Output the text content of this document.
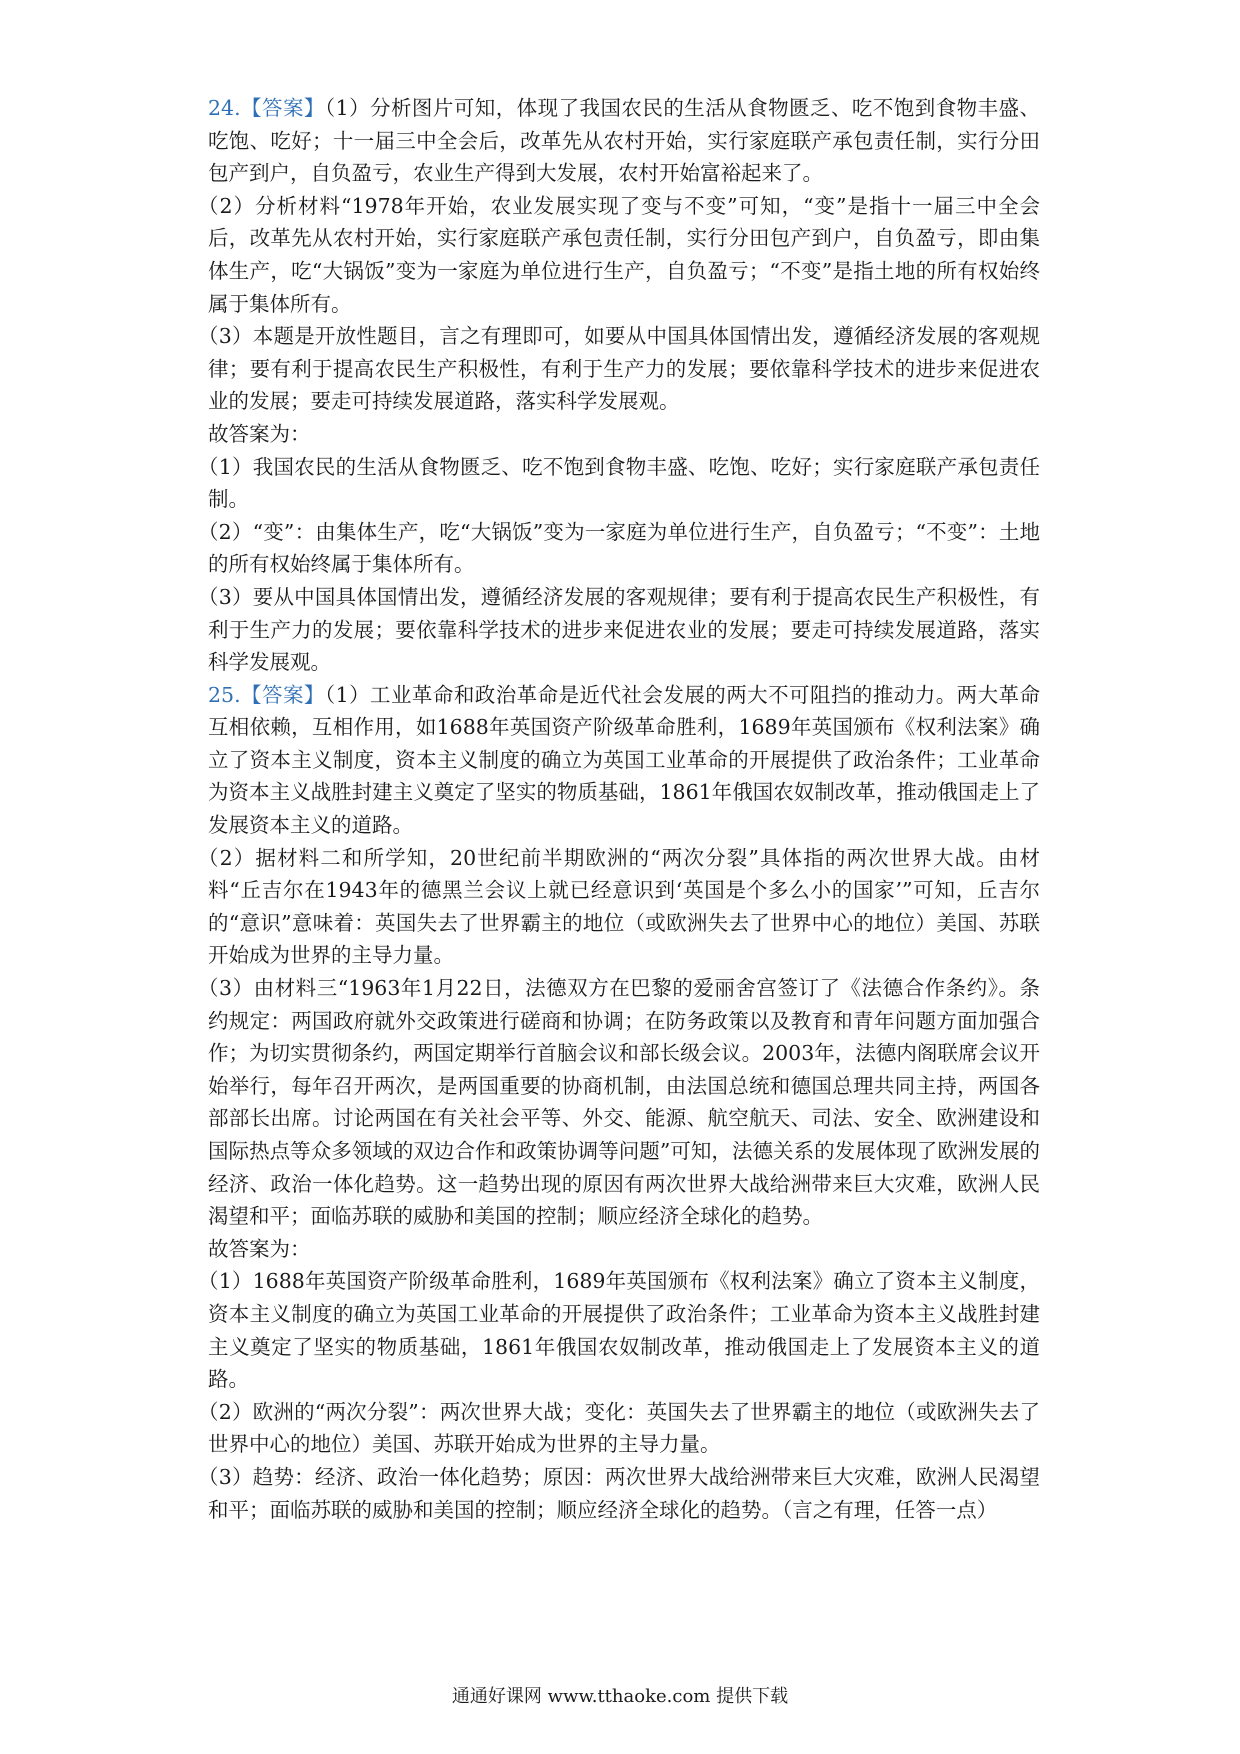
24.【答案】（1）分析图片可知，体现了我国农民的生活从食物匮乏、吃不饱到食物丰盛、吃饱、吃好；十一届三中全会后，改革先从农村开始，实行家庭联产承包责任制，实行分田包产到户，自负盈亏，农业生产得到大发展，农村开始富裕起来了。

（2）分析材料“1978年开始，农业发展实现了变与不变”可知，“变”是指十一届三中全会后，改革先从农村开始，实行家庭联产承包责任制，实行分田包产到户，自负盈亏，即由集体生产，吃“大锅饭”变为一家庭为单位进行生产，自负盈亏；“不变”是指土地的所有权始终属于集体所有。

（3）本题是开放性题目，言之有理即可，如要从中国具体国情出发，遵循经济发展的客观规律；要有利于提高农民生产积极性，有利于生产力的发展；要依靠科学技术的进步来促进农业的发展；要走可持续发展道路，落实科学发展观。

故答案为：

（1）我国农民的生活从食物匮乏、吃不饱到食物丰盛、吃饱、吃好；实行家庭联产承包责任制。

（2）“变”：由集体生产，吃“大锅饭”变为一家庭为单位进行生产，自负盈亏；“不变”：土地的所有权始终属于集体所有。

（3）要从中国具体国情出发，遵循经济发展的客观规律；要有利于提高农民生产积极性，有利于生产力的发展；要依靠科学技术的进步来促进农业的发展；要走可持续发展道路，落实科学发展观。

25.【答案】（1）工业革命和政治革命是近代社会发展的两大不可阻挡的推动力。两大革命互相依赖，互相作用，如1688年英国资产阶级革命胜利，1689年英国颁布《权利法案》确立了资本主义制度，资本主义制度的确立为英国工业革命的开展提供了政治条件；工业革命为资本主义战胜封建主义奠定了坚实的物质基础，1861年俄国农奴制改革，推动俄国走上了发展资本主义的道路。

（2）据材料二和所学知，20世纪前半期欧洲的“两次分裂”具体指的两次世界大战。由材料“丘吉尔在1943年的德黑兰会议上就已经意识到‘英国是个多么小的国家’”可知，丘吉尔的“意识”意味着：英国失去了世界霸主的地位（或欧洲失去了世界中心的地位）美国、苏联开始成为世界的主导力量。

（3）由材料三“1963年1月22日，法德双方在巴黎的爱丽舍宫签订了《法德合作条约》。条约规定：两国政府就外交政策进行磋商和协调；在防务政策以及教育和青年问题方面加强合作；为切实贯彻条约，两国定期举行首脑会议和部长级会议。2003年，法德内阁联席会议开始举行，每年召开两次，是两国重要的协商机制，由法国总统和德国总理共同主持，两国各部部长出席。讨论两国在有关社会平等、外交、能源、航空航天、司法、安全、欧洲建设和国际热点等众多领域的双边合作和政策协调等问题”可知，法德关系的发展体现了欧洲发展的经济、政治一体化趋势。这一趋势出现的原因有两次世界大战给洲带来巨大灾难，欧洲人民渴望和平；面临苏联的威胁和美国的控制；顺应经济全球化的趋势。

故答案为：

（1）1688年英国资产阶级革命胜利，1689年英国颁布《权利法案》确立了资本主义制度，资本主义制度的确立为英国工业革命的开展提供了政治条件；工业革命为资本主义战胜封建主义奠定了坚实的物质基础，1861年俄国农奴制改革，推动俄国走上了发展资本主义的道路。

（2）欧洲的“两次分裂”：两次世界大战；变化：英国失去了世界霸主的地位（或欧洲失去了世界中心的地位）美国、苏联开始成为世界的主导力量。

（3）趋势：经济、政治一体化趋势；原因：两次世界大战给洲带来巨大灾难，欧洲人民渴望和平；面临苏联的威胁和美国的控制；顺应经济全球化的趋势。（言之有理，任答一点）

通通好课网 www.tthaoke.com 提供下载
